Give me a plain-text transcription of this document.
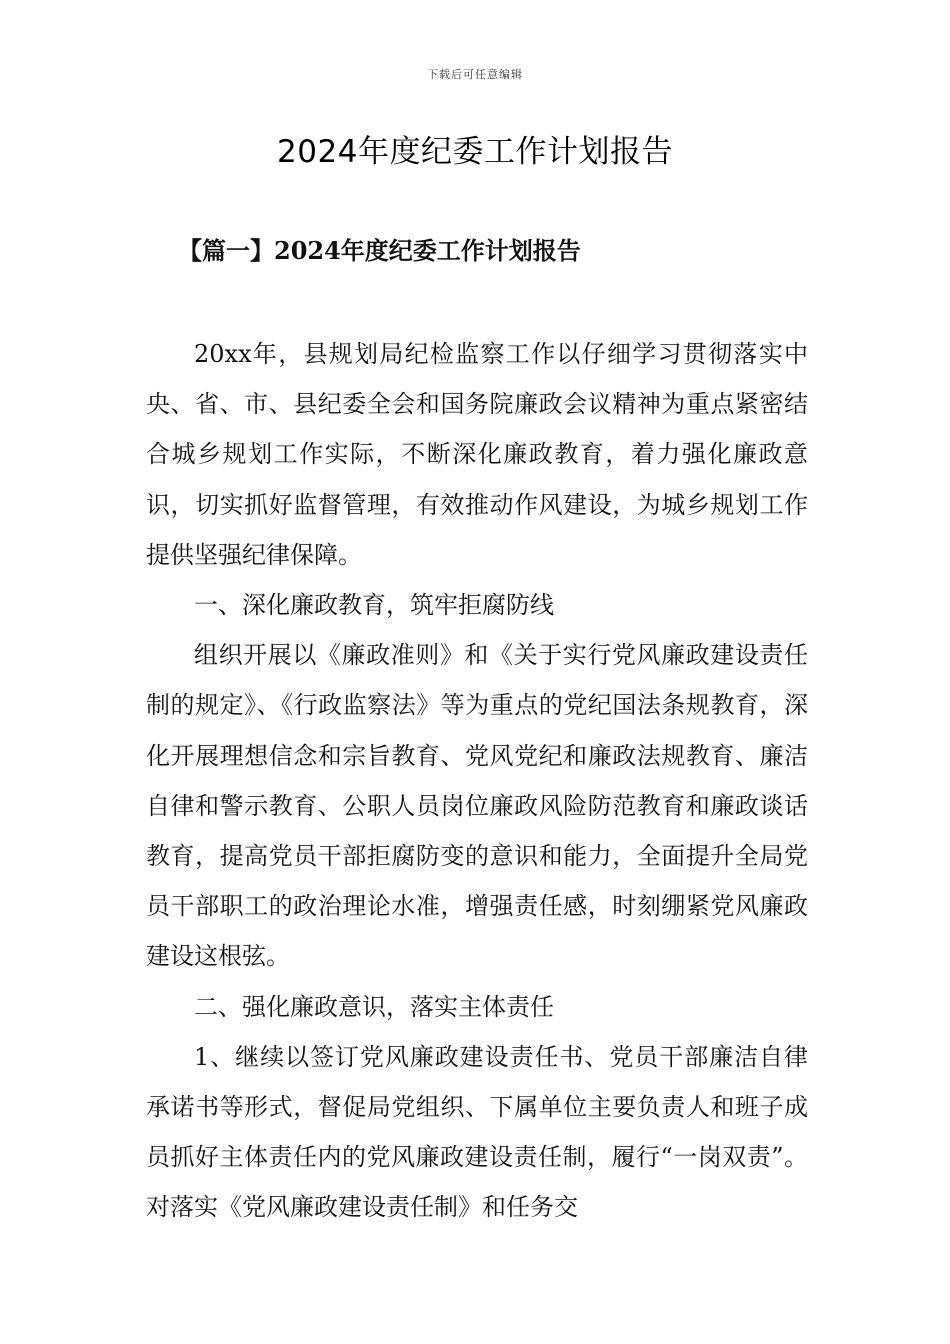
下载后可任意编辑
2024年度纪委工作计划报告
【篇一】2024年度纪委工作计划报告

20xx年，县规划局纪检监察工作以仔细学习贯彻落实中央、省、市、县纪委全会和国务院廉政会议精神为重点紧密结合城乡规划工作实际，不断深化廉政教育，着力强化廉政意识，切实抓好监督管理，有效推动作风建设，为城乡规划工作提供坚强纪律保障。

一、深化廉政教育，筑牢拒腐防线

组织开展以《廉政准则》和《关于实行党风廉政建设责任制的规定》、《行政监察法》等为重点的党纪国法条规教育，深化开展理想信念和宗旨教育、党风党纪和廉政法规教育、廉洁自律和警示教育、公职人员岗位廉政风险防范教育和廉政谈话教育，提高党员干部拒腐防变的意识和能力，全面提升全局党员干部职工的政治理论水准，增强责任感，时刻绷紧党风廉政建设这根弦。

二、强化廉政意识，落实主体责任

1、继续以签订党风廉政建设责任书、党员干部廉洁自律承诺书等形式，督促局党组织、下属单位主要负责人和班子成员抓好主体责任内的党风廉政建设责任制，履行“一岗双责”。对落实《党风廉政建设责任制》和任务交
